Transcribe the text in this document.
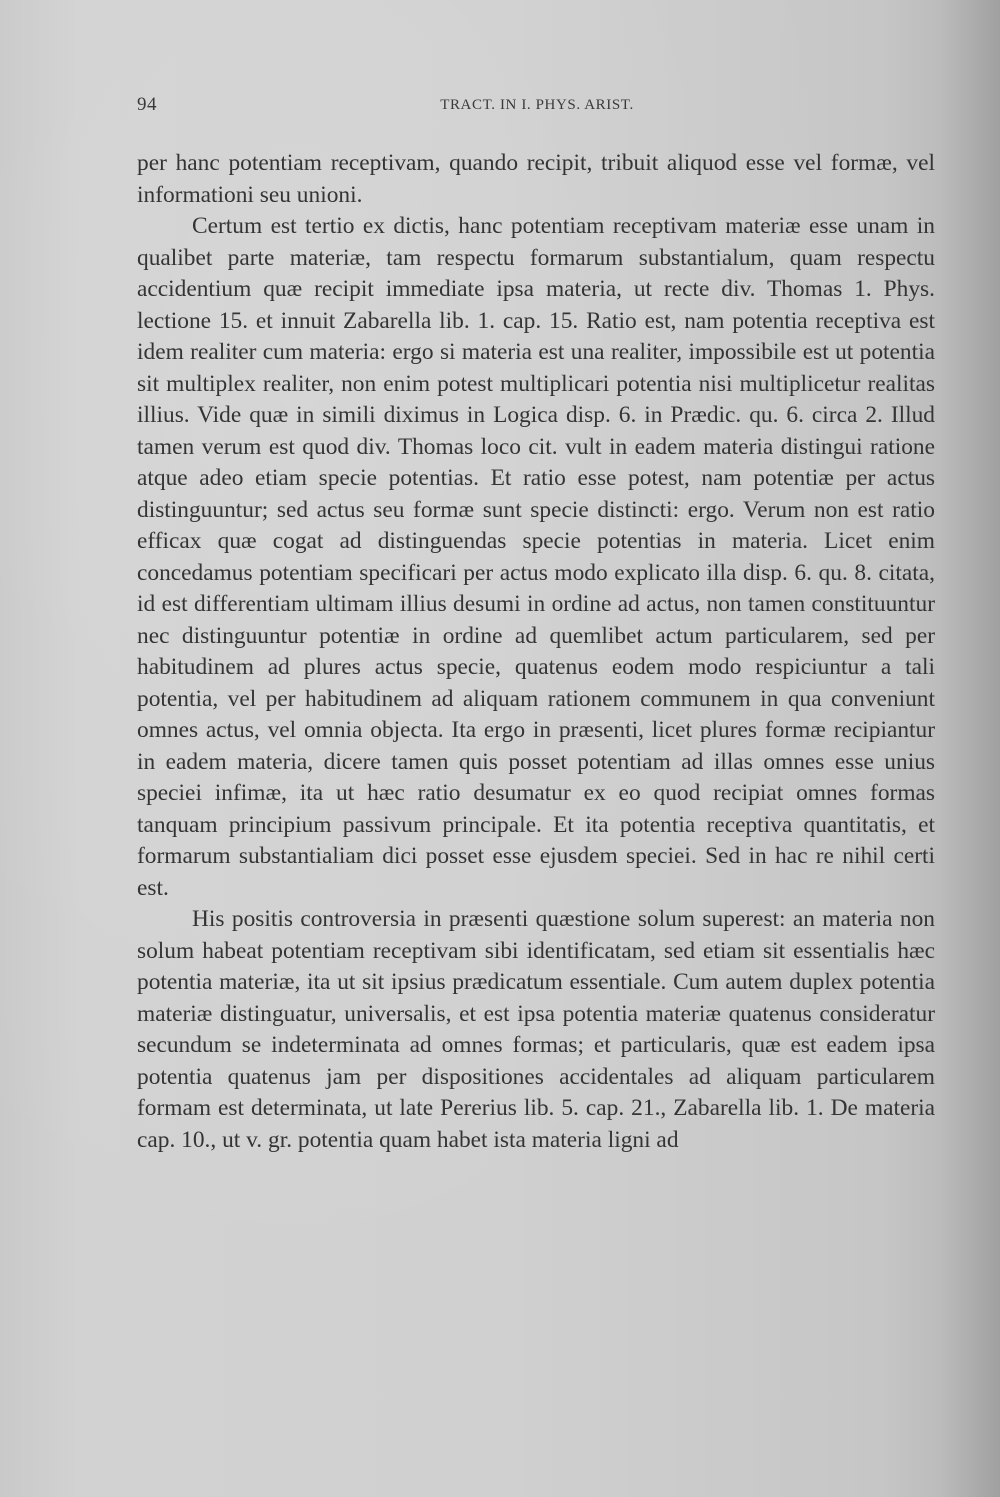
94	TRACT. IN I. PHYS. ARIST.

per hanc potentiam receptivam, quando recipit, tribuit aliquod esse vel formæ, vel informationi seu unioni.

Certum est tertio ex dictis, hanc potentiam receptivam materiæ esse unam in qualibet parte materiæ, tam respectu formarum substantialum, quam respectu accidentium quæ recipit immediate ipsa materia, ut recte div. Thomas 1. Phys. lectione 15. et innuit Zabarella lib. 1. cap. 15. Ratio est, nam potentia receptiva est idem realiter cum materia: ergo si materia est una realiter, impossibile est ut potentia sit multiplex realiter, non enim potest multiplicari potentia nisi multiplicetur realitas illius. Vide quæ in simili diximus in Logica disp. 6. in Prædic. qu. 6. circa 2. Illud tamen verum est quod div. Thomas loco cit. vult in eadem materia distingui ratione atque adeo etiam specie potentias. Et ratio esse potest, nam potentiæ per actus distinguuntur; sed actus seu formæ sunt specie distincti: ergo. Verum non est ratio efficax quæ cogat ad distinguendas specie potentias in materia. Licet enim concedamus potentiam specificari per actus modo explicato illa disp. 6. qu. 8. citata, id est differentiam ultimam illius desumi in ordine ad actus, non tamen constituuntur nec distinguuntur potentiæ in ordine ad quemlibet actum particularem, sed per habitudinem ad plures actus specie, quatenus eodem modo respiciuntur a tali potentia, vel per habitudinem ad aliquam rationem communem in qua conveniunt omnes actus, vel omnia objecta. Ita ergo in præsenti, licet plures formæ recipiantur in eadem materia, dicere tamen quis posset potentiam ad illas omnes esse unius speciei infimæ, ita ut hæc ratio desumatur ex eo quod recipiat omnes formas tanquam principium passivum principale. Et ita potentia receptiva quantitatis, et formarum substantialiam dici posset esse ejusdem speciei. Sed in hac re nihil certi est.

His positis controversia in præsenti quæstione solum superest: an materia non solum habeat potentiam receptivam sibi identificatam, sed etiam sit essentialis hæc potentia materiæ, ita ut sit ipsius prædicatum essentiale. Cum autem duplex potentia materiæ distinguatur, universalis, et est ipsa potentia materiæ quatenus consideratur secundum se indeterminata ad omnes formas; et particularis, quæ est eadem ipsa potentia quatenus jam per dispositiones accidentales ad aliquam particularem formam est determinata, ut late Pererius lib. 5. cap. 21., Zabarella lib. 1. De materia cap. 10., ut v. gr. potentia quam habet ista materia ligni ad
